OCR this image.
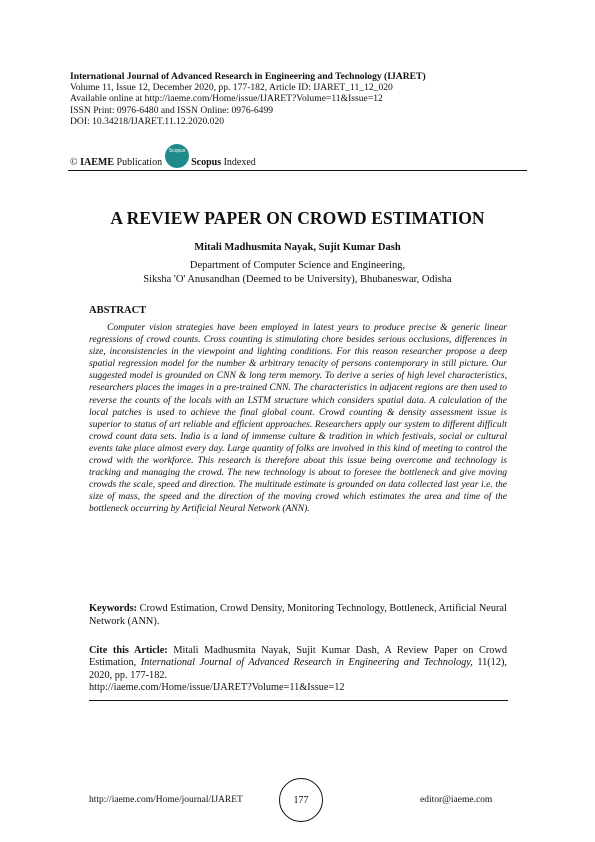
International Journal of Advanced Research in Engineering and Technology (IJARET)
Volume 11, Issue 12, December 2020, pp. 177-182, Article ID: IJARET_11_12_020
Available online at http://iaeme.com/Home/issue/IJARET?Volume=11&Issue=12
ISSN Print: 0976-6480 and ISSN Online: 0976-6499
DOI: 10.34218/IJARET.11.12.2020.020
©
IAEME
Publication
Scopus
Scopus
Indexed
A REVIEW PAPER ON CROWD ESTIMATION
Mitali Madhusmita Nayak, Sujit Kumar Dash
Department of Computer Science and Engineering,
Siksha 'O' Anusandhan (Deemed to be University), Bhubaneswar, Odisha
ABSTRACT
Computer vision strategies have been employed in latest years to produce precise & generic linear regressions of crowd counts. Cross counting is stimulating chore besides serious occlusions, differences in size, inconsistencies in the viewpoint and lighting conditions. For this reason researcher propose a deep spatial regression model for the number & arbitrary tenacity of persons contemporary in still picture. Our suggested model is grounded on CNN & long term memory. To derive a series of high level characteristics, researchers places the images in a pre-trained CNN. The characteristics in adjacent regions are then used to reverse the counts of the locals with an LSTM structure which considers spatial data. A calculation of the local patches is used to achieve the final global count. Crowd counting & density assessment issue is superior to status of art reliable and efficient approaches. Researchers apply our system to different difficult crowd count data sets. India is a land of immense culture & tradition in which festivals, social or cultural events take place almost every day. Large quantity of folks are involved in this kind of meeting to control the crowd with the workforce. This research is therefore about this issue being overcome and technology is tracking and managing the crowd. The new technology is about to foresee the bottleneck and give moving crowds the scale, speed and direction. The multitude estimate is grounded on data collected last year i.e. the size of mass, the speed and the direction of the moving crowd which estimates the area and time of the bottleneck occurring by Artificial Neural Network (ANN).
Keywords: Crowd Estimation, Crowd Density, Monitoring Technology, Bottleneck, Artificial Neural Network (ANN).
Cite this Article: Mitali Madhusmita Nayak, Sujit Kumar Dash, A Review Paper on Crowd Estimation, International Journal of Advanced Research in Engineering and Technology, 11(12), 2020, pp. 177-182.
http://iaeme.com/Home/issue/IJARET?Volume=11&Issue=12
http://iaeme.com/Home/journal/IJARET	177	editor@iaeme.com
